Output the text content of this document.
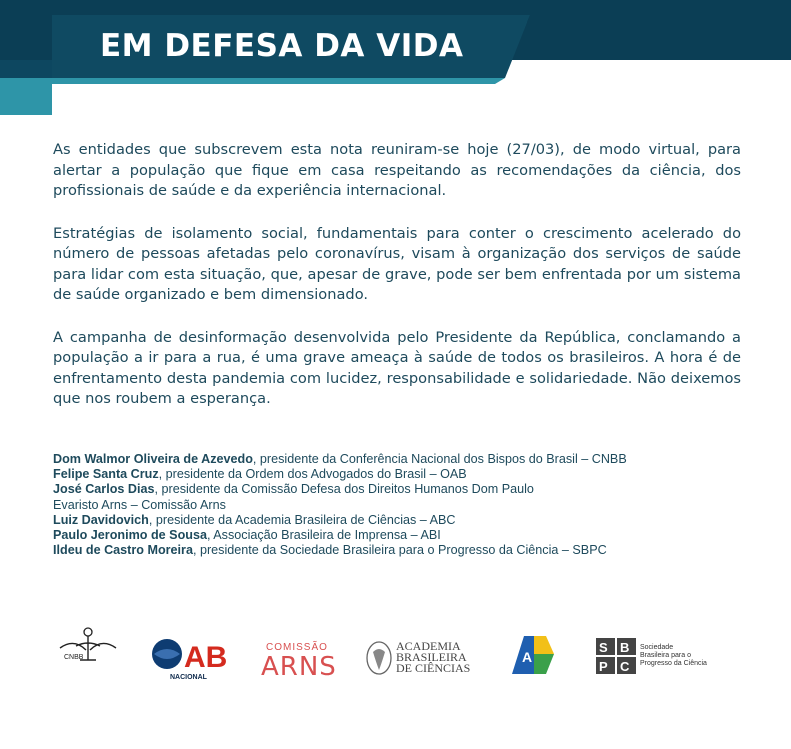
EM DEFESA DA VIDA

As entidades que subscrevem esta nota reuniram-se hoje (27/03), de modo virtual, para alertar a população que fique em casa respeitando as recomendações da ciência, dos profissionais de saúde e da experiência internacional.

Estratégias de isolamento social, fundamentais para conter o crescimento acelerado do número de pessoas afetadas pelo coronavírus, visam à organização dos serviços de saúde para lidar com esta situação, que, apesar de grave, pode ser bem enfrentada por um sistema de saúde organizado e bem dimensionado.

A campanha de desinformação desenvolvida pelo Presidente da República, conclamando a população a ir para a rua, é uma grave ameaça à saúde de todos os brasileiros. A hora é de enfrentamento desta pandemia com lucidez, responsabilidade e solidariedade. Não deixemos que nos roubem a esperança.

Dom Walmor Oliveira de Azevedo, presidente da Conferência Nacional dos Bispos do Brasil – CNBB
Felipe Santa Cruz, presidente da Ordem dos Advogados do Brasil – OAB
José Carlos Dias, presidente da Comissão Defesa dos Direitos Humanos Dom Paulo
Evaristo Arns – Comissão Arns
Luiz Davidovich, presidente da Academia Brasileira de Ciências – ABC
Paulo Jeronimo de Sousa, Associação Brasileira de Imprensa – ABI
Ildeu de Castro Moreira, presidente da Sociedade Brasileira para o Progresso da Ciência – SBPC
CNBB	AB
NACIONAL
COMISSÃO
ARNS
ACADEMIA
BRASILEIRA
DE CIÊNCIAS
A
S B
P C
Sociedade
Brasileira para o
Progresso da Ciência
